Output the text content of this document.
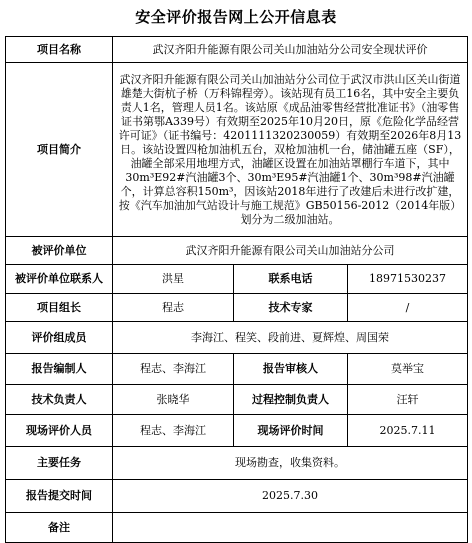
安全评价报告网上公开信息表
项目名称	武汉齐阳升能源有限公司关山加油站分公司安全现状评价		
项目简介	武汉齐阳升能源有限公司关山加油站分公司位于武汉市洪山区关山街道雄楚大街杭子桥（万科锦程旁）。该站现有员工16名，其中安全主要负责人1名，管理人员1名。该站原《成品油零售经营批准证书》（油零售证书第鄂A339号）有效期至2025年10月20日，原《危险化学品经营许可证》（证书编号：4201111320230059）有效期至2026年8月13日。该站设置四枪加油机五台，双枪加油机一台，储油罐五座（SF），油罐全部采用地埋方式，油罐区设置在加油站罩棚行车道下，其中30m³E92#汽油罐3个、30m³E95#汽油罐1个、30m³98#汽油罐个，计算总容积150m³，因该站2018年进行了改建后未进行改扩建，按《汽车加油加气站设计与施工规范》GB50156-2012（2014年版）划分为二级加油站。		
被评价单位	武汉齐阳升能源有限公司关山加油站分公司		
被评价单位联系人	洪星	联系电话	18971530237
项目组长	程志	技术专家	/
评价组成员	李海江、程笑、段前进、夏辉煌、周国荣		
报告编制人	程志、李海江	报告审核人	莫举宝
技术负责人	张晓华	过程控制负责人	汪轩
现场评价人员	程志、李海江	现场评价时间	2025.7.11
主要任务	现场勘查，收集资料。		
报告提交时间	2025.7.30		
备注			
